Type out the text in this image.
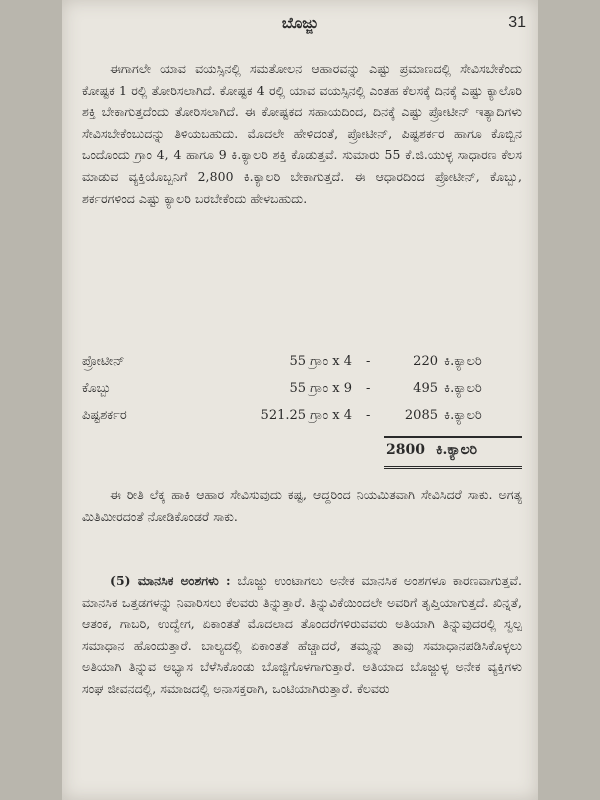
ಬೊಜ್ಜು	31

ಈಗಾಗಲೇ ಯಾವ ವಯಸ್ಸಿನಲ್ಲಿ ಸಮತೋಲನ ಆಹಾರವನ್ನು ಎಷ್ಟು ಪ್ರಮಾಣದಲ್ಲಿ ಸೇವಿಸಬೇಕೆಂದು ಕೋಷ್ಟಕ 1 ರಲ್ಲಿ ತೋರಿಸಲಾಗಿದೆ. ಕೋಷ್ಟಕ 4 ರಲ್ಲಿ ಯಾವ ವಯಸ್ಸಿನಲ್ಲಿ ಎಂತಹ ಕೆಲಸಕ್ಕೆ ದಿನಕ್ಕೆ ಎಷ್ಟು ಕ್ಯಾಲೊರಿ ಶಕ್ತಿ ಬೇಕಾಗುತ್ತದೆಂದು ತೋರಿಸಲಾಗಿದೆ. ಈ ಕೋಷ್ಟಕದ ಸಹಾಯದಿಂದ, ದಿನಕ್ಕೆ ಎಷ್ಟು ಪ್ರೋಟೀನ್ ಇತ್ಯಾದಿಗಳು ಸೇವಿಸಬೇಕೆಂಬುದನ್ನು ತಿಳಿಯಬಹುದು. ಮೊದಲೇ ಹೇಳಿದಂತೆ, ಪ್ರೋಟೀನ್, ಪಿಷ್ಟಶರ್ಕರ ಹಾಗೂ ಕೊಬ್ಬಿನ ಒಂದೊಂದು ಗ್ರಾಂ 4, 4 ಹಾಗೂ 9 ಕಿ.ಕ್ಯಾಲರಿ ಶಕ್ತಿ ಕೊಡುತ್ತವೆ. ಸುಮಾರು 55 ಕೆ.ಜಿ.ಯುಳ್ಳ ಸಾಧಾರಣ ಕೆಲಸ ಮಾಡುವ ವ್ಯಕ್ತಿಯೊಬ್ಬನಿಗೆ 2,800 ಕಿ.ಕ್ಯಾಲರಿ ಬೇಕಾಗುತ್ತದೆ. ಈ ಆಧಾರದಿಂದ ಪ್ರೋಟೀನ್, ಕೊಬ್ಬು, ಶರ್ಕರಗಳಿಂದ ಎಷ್ಟು ಕ್ಯಾಲರಿ ಬರಬೇಕೆಂದು ಹೇಳಬಹುದು.

ಪ್ರೋಟೀನ್	55 ಗ್ರಾಂ x 4 -	220 ಕಿ.ಕ್ಯಾಲರಿ
ಕೊಬ್ಬು	55 ಗ್ರಾಂ x 9 -	495 ಕಿ.ಕ್ಯಾಲರಿ
ಪಿಷ್ಟಶರ್ಕರ	521.25 ಗ್ರಾಂ x 4 -	2085 ಕಿ.ಕ್ಯಾಲರಿ
2800 ಕಿ.ಕ್ಯಾಲರಿ

ಈ ರೀತಿ ಲೆಕ್ಕ ಹಾಕಿ ಆಹಾರ ಸೇವಿಸುವುದು ಕಷ್ಟ, ಆದ್ದರಿಂದ ನಿಯಮಿತವಾಗಿ ಸೇವಿಸಿದರೆ ಸಾಕು. ಅಗತ್ಯ ಮಿತಿಮೀರದಂತೆ ನೋಡಿಕೊಂಡರೆ ಸಾಕು.

(5) ಮಾನಸಿಕ ಅಂಶಗಳು : ಬೊಜ್ಜು ಉಂಟಾಗಲು ಅನೇಕ ಮಾನಸಿಕ ಅಂಶಗಳೂ ಕಾರಣವಾಗುತ್ತವೆ. ಮಾನಸಿಕ ಒತ್ತಡಗಳನ್ನು ನಿವಾರಿಸಲು ಕೆಲವರು ತಿನ್ನುತ್ತಾರೆ. ತಿನ್ನುವಿಕೆಯಿಂದಲೇ ಅವರಿಗೆ ತೃಪ್ತಿಯಾಗುತ್ತದೆ. ಖಿನ್ನತೆ, ಆತಂಕ, ಗಾಬರಿ, ಉದ್ವೇಗ, ಏಕಾಂತತೆ ಮೊದಲಾದ ತೊಂದರೆಗಳಿರುವವರು ಅತಿಯಾಗಿ ತಿನ್ನುವುದರಲ್ಲಿ ಸ್ವಲ್ಪ ಸಮಾಧಾನ ಹೊಂದುತ್ತಾರೆ. ಬಾಲ್ಯದಲ್ಲಿ ಏಕಾಂತತೆ ಹೆಚ್ಚಾದರೆ, ತಮ್ಮನ್ನು ತಾವು ಸಮಾಧಾನಪಡಿಸಿಕೊಳ್ಳಲು ಅತಿಯಾಗಿ ತಿನ್ನುವ ಅಭ್ಯಾಸ ಬೆಳೆಸಿಕೊಂಡು ಬೊಜ್ಜಿಗೊಳಗಾಗುತ್ತಾರೆ. ಅತಿಯಾದ ಬೊಜ್ಜುಳ್ಳ ಅನೇಕ ವ್ಯಕ್ತಿಗಳು ಸಂಘ ಜೀವನದಲ್ಲಿ, ಸಮಾಜದಲ್ಲಿ ಅನಾಸಕ್ತರಾಗಿ, ಒಂಟಿಯಾಗಿರುತ್ತಾರೆ. ಕೆಲವರು
